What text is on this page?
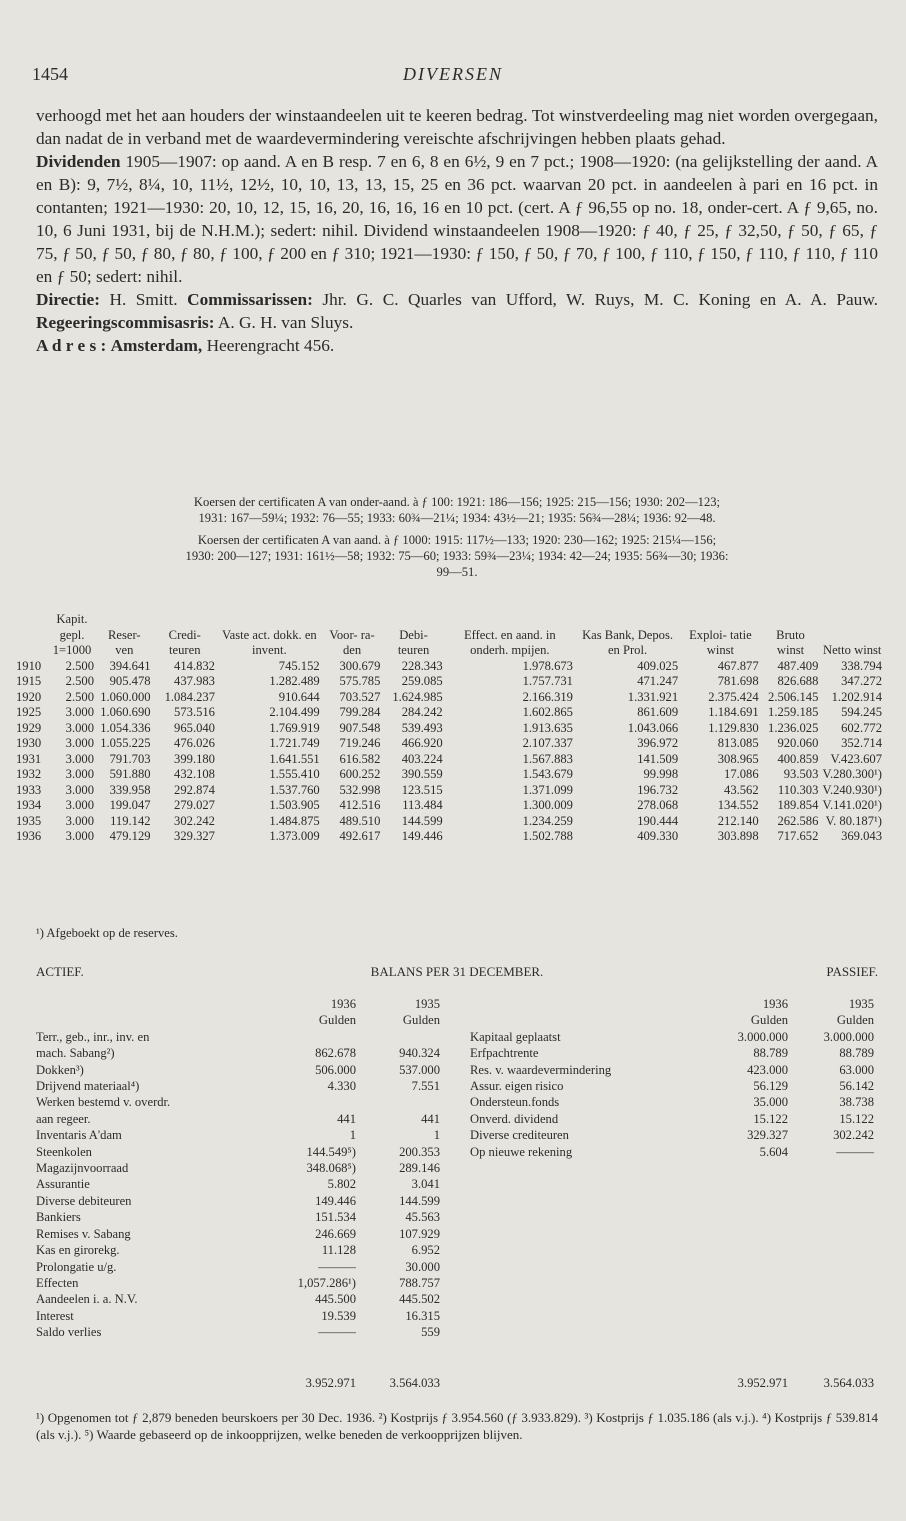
1454	DIVERSEN

verhoogd met het aan houders der winstaandeelen uit te keeren bedrag. Tot winstverdeeling mag niet worden overgegaan, dan nadat de in verband met de waardevermindering vereischte afschrijvingen hebben plaats gehad.

Dividenden 1905—1907: op aand. A en B resp. 7 en 6, 8 en 6½, 9 en 7 pct.; 1908—1920: (na gelijkstelling der aand. A en B): 9, 7½, 8¼, 10, 11½, 12½, 10, 10, 13, 13, 15, 25 en 36 pct. waarvan 20 pct. in aandeelen à pari en 16 pct. in contanten; 1921—1930: 20, 10, 12, 15, 16, 20, 16, 16, 16 en 10 pct. (cert. A ƒ 96,55 op no. 18, onder-cert. A ƒ 9,65, no. 10, 6 Juni 1931, bij de N.H.M.); sedert: nihil. Dividend winstaandeelen 1908—1920: ƒ 40, ƒ 25, ƒ 32,50, ƒ 50, ƒ 65, ƒ 75, ƒ 50, ƒ 50, ƒ 80, ƒ 80, ƒ 100, ƒ 200 en ƒ 310; 1921—1930: ƒ 150, ƒ 50, ƒ 70, ƒ 100, ƒ 110, ƒ 150, ƒ 110, ƒ 110, ƒ 110 en ƒ 50; sedert: nihil.

Directie: H. Smitt. Commissarissen: Jhr. G. C. Quarles van Ufford, W. Ruys, M. C. Koning en A. A. Pauw. Regeeringscommisasris: A. G. H. van Sluys.

A d r e s : Amsterdam, Heerengracht 456.

Koersen der certificaten A van onder-aand. à ƒ 100: 1921: 186—156; 1925: 215—156; 1930: 202—123;

1931: 167—59¼; 1932: 76—55; 1933: 60¾—21¼; 1934: 43½—21; 1935: 56¾—28¼; 1936: 92—48.

Koersen der certificaten A van aand. à ƒ 1000: 1915: 117½—133; 1920: 230—162; 1925: 215¼—156;

1930: 200—127; 1931: 161½—58; 1932: 75—60; 1933: 59¾—23¼; 1934: 42—24; 1935: 56¾—30; 1936:

99—51.

	Kapit. gepl. 1=1000	Reser- ven	Credi- teuren	Vaste act. dokk. en invent.	Voor- ra- den	Debi- teuren	Effect. en aand. in onderh. mpijen.	Kas Bank, Depos. en Prol.	Exploi- tatie winst	Bruto winst	Netto winst
1910	2.500	394.641	414.832	745.152	300.679	228.343	1.978.673	409.025	467.877	487.409	338.794
1915	2.500	905.478	437.983	1.282.489	575.785	259.085	1.757.731	471.247	781.698	826.688	347.272
1920	2.500	1.060.000	1.084.237	910.644	703.527	1.624.985	2.166.319	1.331.921	2.375.424	2.506.145	1.202.914
1925	3.000	1.060.690	573.516	2.104.499	799.284	284.242	1.602.865	861.609	1.184.691	1.259.185	594.245
1929	3.000	1.054.336	965.040	1.769.919	907.548	539.493	1.913.635	1.043.066	1.129.830	1.236.025	602.772
1930	3.000	1.055.225	476.026	1.721.749	719.246	466.920	2.107.337	396.972	813.085	920.060	352.714
1931	3.000	791.703	399.180	1.641.551	616.582	403.224	1.567.883	141.509	308.965	400.859	V.423.607
1932	3.000	591.880	432.108	1.555.410	600.252	390.559	1.543.679	99.998	17.086	93.503	V.280.300¹)
1933	3.000	339.958	292.874	1.537.760	532.998	123.515	1.371.099	196.732	43.562	110.303	V.240.930¹)
1934	3.000	199.047	279.027	1.503.905	412.516	113.484	1.300.009	278.068	134.552	189.854	V.141.020¹)
1935	3.000	119.142	302.242	1.484.875	489.510	144.599	1.234.259	190.444	212.140	262.586	V. 80.187¹)
1936	3.000	479.129	329.327	1.373.009	492.617	149.446	1.502.788	409.330	303.898	717.652	369.043
¹) Afgeboekt op de reserves.
ACTIEF.	BALANS PER 31 DECEMBER.	PASSIEF.
	1936	1935
	Gulden	Gulden
Terr., geb., inr., inv. en		
mach. Sabang²)	862.678	940.324
Dokken³)	506.000	537.000
Drijvend materiaal⁴)	4.330	7.551
Werken bestemd v. overdr.		
aan regeer.	441	441
Inventaris A'dam	1	1
Steenkolen	144.549⁵)	200.353
Magazijnvoorraad	348.068⁵)	289.146
Assurantie	5.802	3.041
Diverse debiteuren	149.446	144.599
Bankiers	151.534	45.563
Remises v. Sabang	246.669	107.929
Kas en girorekg.	11.128	6.952
Prolongatie u/g.	———	30.000
Effecten	1,057.286¹)	788.757
Aandeelen i. a. N.V.	445.500	445.502
Interest	19.539	16.315
Saldo verlies	———	559
	1936	1935
	Gulden	Gulden
Kapitaal geplaatst	3.000.000	3.000.000
Erfpachtrente	88.789	88.789
Res. v. waardevermindering	423.000	63.000
Assur. eigen risico	56.129	56.142
Ondersteun.fonds	35.000	38.738
Onverd. dividend	15.122	15.122
Diverse crediteuren	329.327	302.242
Op nieuwe rekening	5.604	———
3.952.971	3.564.033	3.952.971	3.564.033

¹) Opgenomen tot ƒ 2,879 beneden beurskoers per 30 Dec. 1936. ²) Kostprijs ƒ 3.954.560 (ƒ 3.933.829). ³) Kostprijs ƒ 1.035.186 (als v.j.). ⁴) Kostprijs ƒ 539.814 (als v.j.). ⁵) Waarde gebaseerd op de inkoopprijzen, welke beneden de verkoopprijzen blijven.
